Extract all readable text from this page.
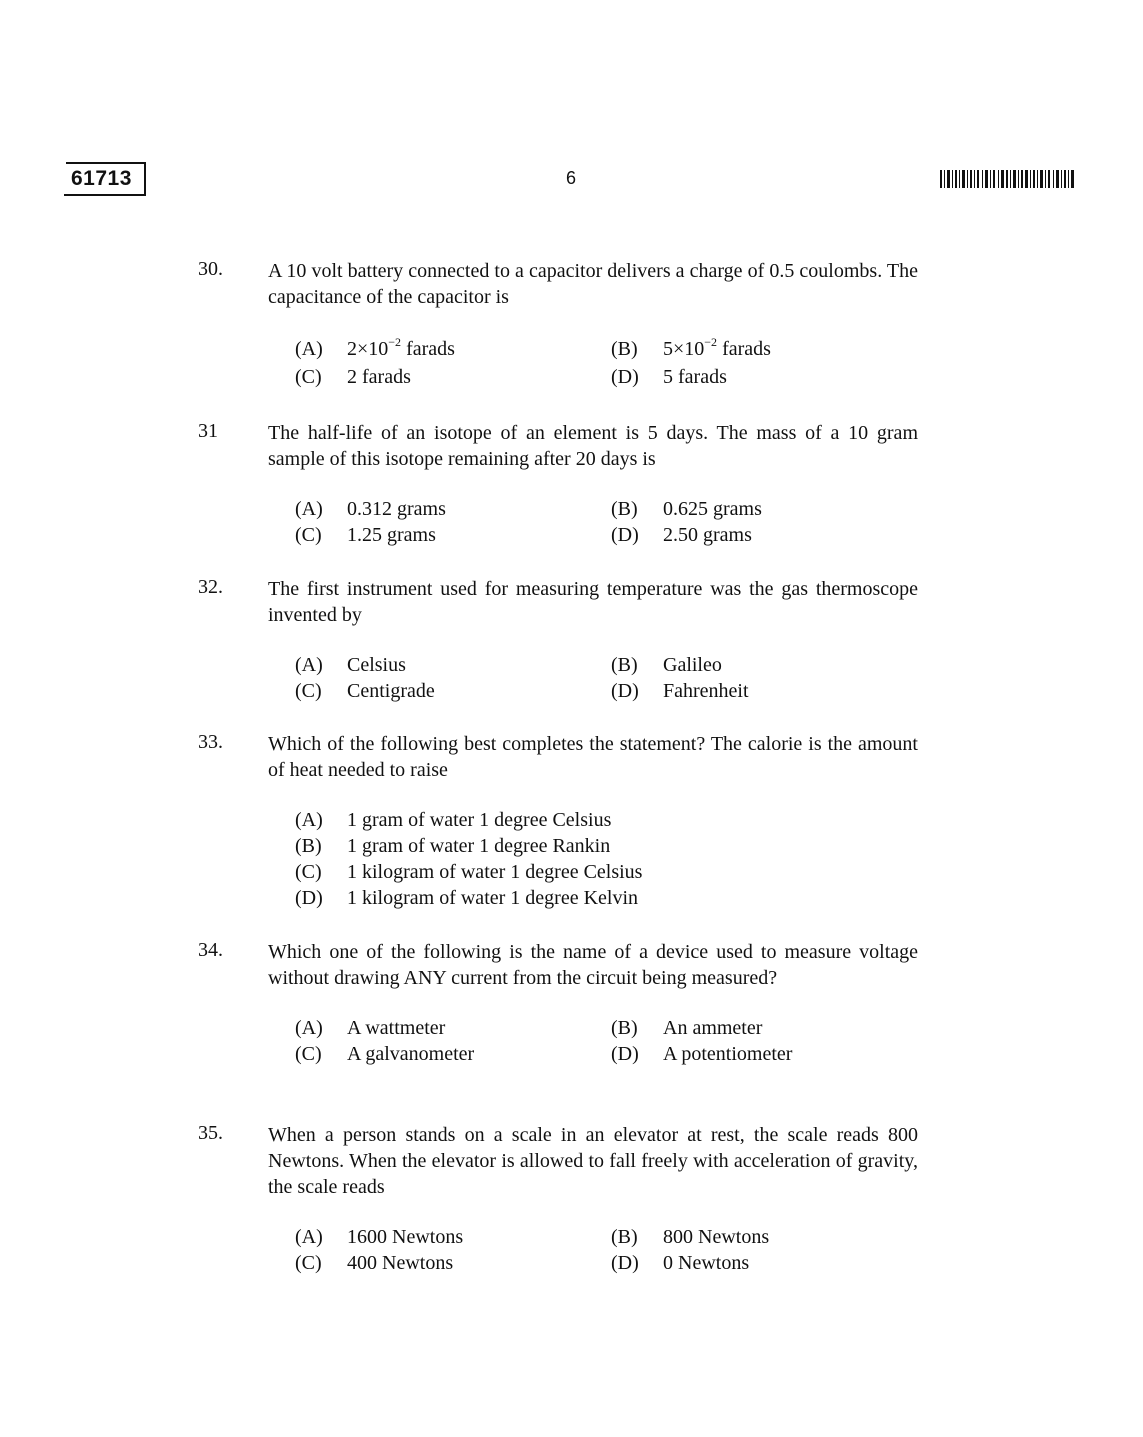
61713	6
30. A 10 volt battery connected to a capacitor delivers a charge of 0.5 coulombs. The capacitance of the capacitor is
(A) $2\times 10^{-2}$ farads	(B) $5\times 10^{-2}$ farads
(C) 2 farads	(D) 5 farads
31	The half-life of an isotope of an element is 5 days. The mass of a 10 gram sample of this isotope remaining after 20 days is
(A) 0.312 grams	(B) 0.625 grams
(C) 1.25 grams	(D) 2.50 grams
32. The first instrument used for measuring temperature was the gas thermoscope invented by
(A) Celsius	(B) Galileo
(C) Centigrade	(D) Fahrenheit
33. Which of the following best completes the statement? The calorie is the amount of heat needed to raise
(A) 1 gram of water 1 degree Celsius
(B) 1 gram of water 1 degree Rankin
(C) 1 kilogram of water 1 degree Celsius
(D) 1 kilogram of water 1 degree Kelvin
34. Which one of the following is the name of a device used to measure voltage without drawing ANY current from the circuit being measured?
(A) A wattmeter	(B) An ammeter
(C) A galvanometer	(D) A potentiometer
35. When a person stands on a scale in an elevator at rest, the scale reads 800 Newtons. When the elevator is allowed to fall freely with acceleration of gravity, the scale reads
(A) 1600 Newtons	(B) 800 Newtons
(C) 400 Newtons	(D) 0 Newtons
